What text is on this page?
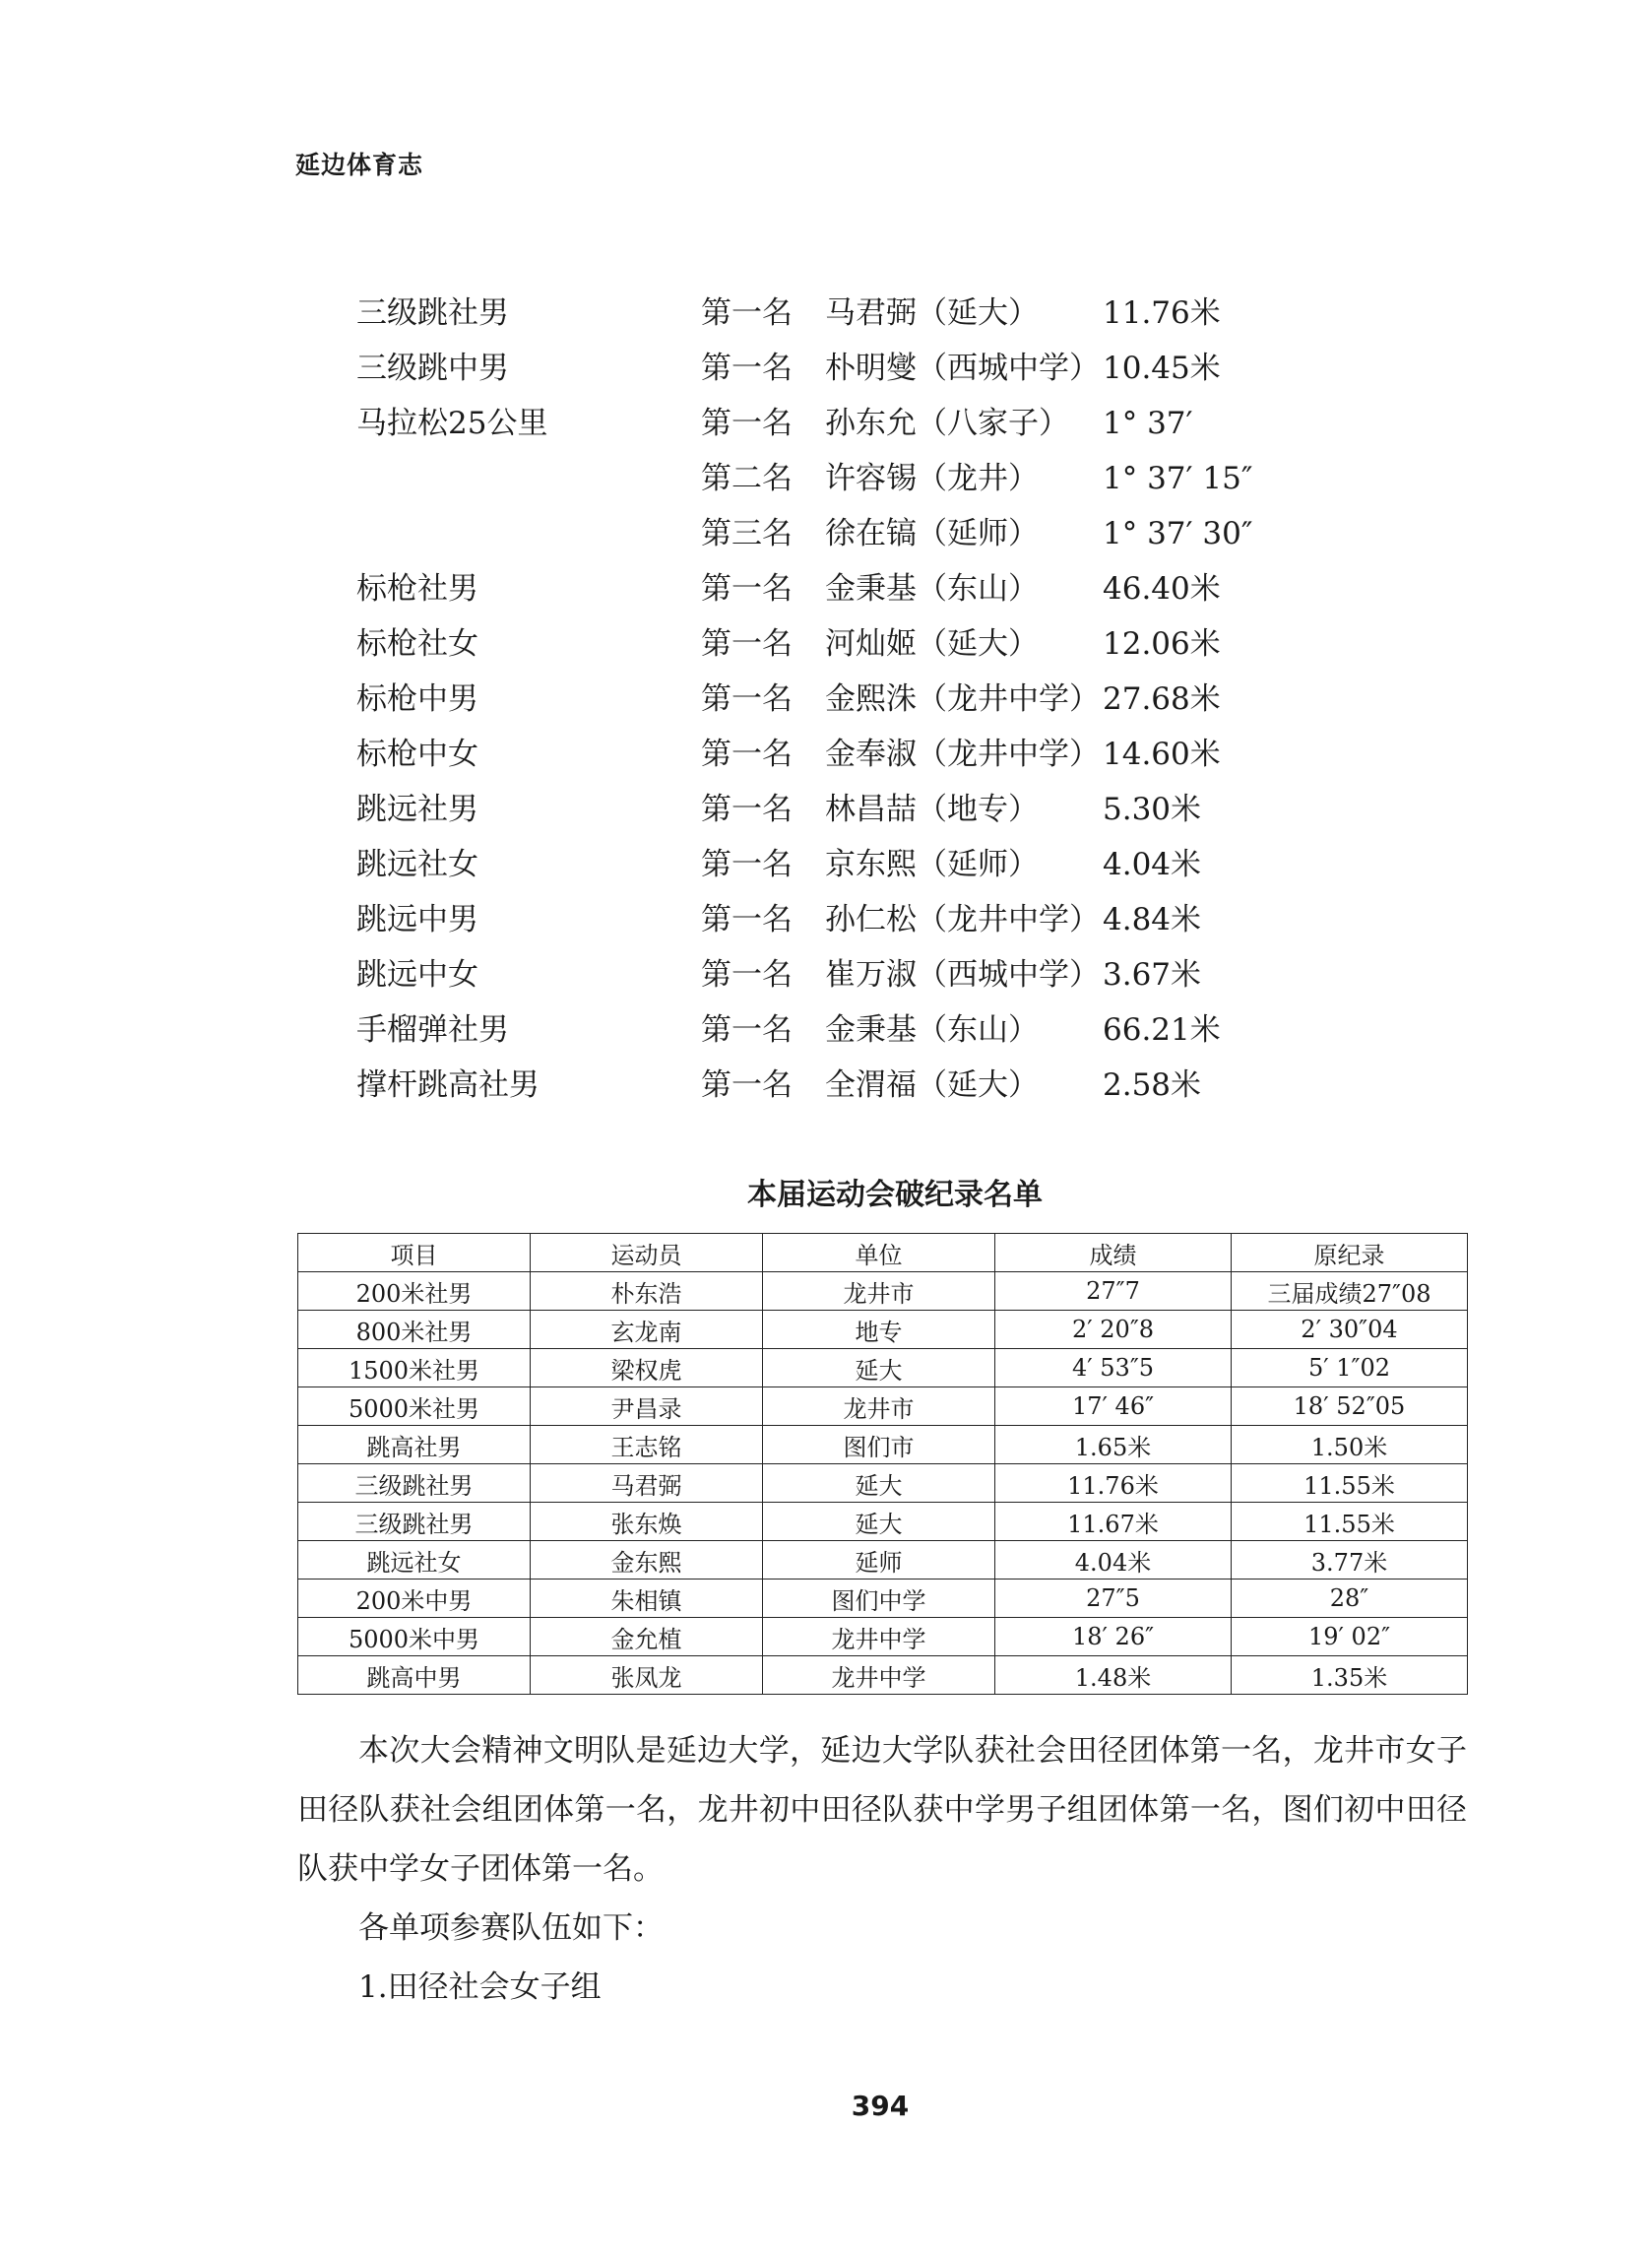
延边体育志
三级跳社男	第一名 马君弼（延大） 11.76米
三级跳中男	第一名 朴明燮（西城中学） 10.45米
马拉松25公里	第一名 孙东允（八家子） 1° 37′
第二名 许容锡（龙井） 1° 37′ 15″
第三名 徐在镐（延师） 1° 37′ 30″
标枪社男	第一名 金秉基（东山） 46.40米
标枪社女	第一名 河灿姬（延大） 12.06米
标枪中男	第一名 金熙洙（龙井中学） 27.68米
标枪中女	第一名 金奉淑（龙井中学） 14.60米
跳远社男	第一名 林昌喆（地专） 5.30米
跳远社女	第一名 京东熙（延师） 4.04米
跳远中男	第一名 孙仁松（龙井中学） 4.84米
跳远中女	第一名 崔万淑（西城中学） 3.67米
手榴弹社男	第一名 金秉基（东山） 66.21米
撑杆跳高社男	第一名 全渭福（延大） 2.58米
本届运动会破纪录名单
项目	运动员	单位	成绩	原纪录
200米社男	朴东浩	龙井市	27″7	三届成绩27″08
800米社男	玄龙南	地专	2′ 20″8	2′ 30″04
1500米社男	梁权虎	延大	4′ 53″5	5′ 1″02
5000米社男	尹昌录	龙井市	17′ 46″	18′ 52″05
跳高社男	王志铭	图们市	1.65米	1.50米
三级跳社男	马君弼	延大	11.76米	11.55米
三级跳社男	张东焕	延大	11.67米	11.55米
跳远社女	金东熙	延师	4.04米	3.77米
200米中男	朱相镇	图们中学	27″5	28″
5000米中男	金允植	龙井中学	18′ 26″	19′ 02″
跳高中男	张凤龙	龙井中学	1.48米	1.35米

本次大会精神文明队是延边大学，延边大学队获社会田径团体第一名，龙井市女子田径队获社会组团体第一名，龙井初中田径队获中学男子组团体第一名，图们初中田径队获中学女子团体第一名。

各单项参赛队伍如下：

1.田径社会女子组

394
